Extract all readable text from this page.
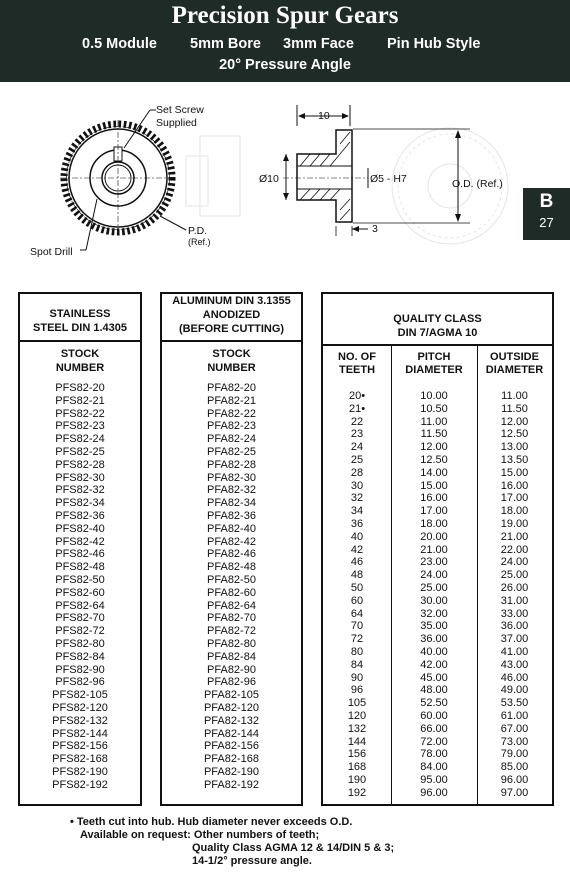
Precision Spur Gears
0.5 Module 5mm Bore 3mm Face Pin Hub Style
20° Pressure Angle
B
27
Set Screw
Supplied
Spot Drill
P.D.
(Ref.)
10
Ø10	Ø5 - H7	O.D. (Ref.)
3
STAINLESS
STEEL DIN 1.4305
STOCK
NUMBER
PFS82-20
PFS82-21
PFS82-22
PFS82-23
PFS82-24
PFS82-25
PFS82-28
PFS82-30
PFS82-32
PFS82-34
PFS82-36
PFS82-40
PFS82-42
PFS82-46
PFS82-48
PFS82-50
PFS82-60
PFS82-64
PFS82-70
PFS82-72
PFS82-80
PFS82-84
PFS82-90
PFS82-96
PFS82-105
PFS82-120
PFS82-132
PFS82-144
PFS82-156
PFS82-168
PFS82-190
PFS82-192
ALUMINUM DIN 3.1355
ANODIZED
(BEFORE CUTTING)
STOCK
NUMBER
PFA82-20
PFA82-21
PFA82-22
PFA82-23
PFA82-24
PFA82-25
PFA82-28
PFA82-30
PFA82-32
PFA82-34
PFA82-36
PFA82-40
PFA82-42
PFA82-46
PFA82-48
PFA82-50
PFA82-60
PFA82-64
PFA82-70
PFA82-72
PFA82-80
PFA82-84
PFA82-90
PFA82-96
PFA82-105
PFA82-120
PFA82-132
PFA82-144
PFA82-156
PFA82-168
PFA82-190
PFA82-192
QUALITY CLASS
DIN 7/AGMA 10
NO. OF
TEETH
PITCH
DIAMETER
OUTSIDE
DIAMETER
20•
21•
22
23
24
25
28
30
32
34
36
40
42
46
48
50
60
64
70
72
80
84
90
96
105
120
132
144
156
168
190
192
10.00
10.50
11.00
11.50
12.00
12.50
14.00
15.00
16.00
17.00
18.00
20.00
21.00
23.00
24.00
25.00
30.00
32.00
35.00
36.00
40.00
42.00
45.00
48.00
52.50
60.00
66.00
72.00
78.00
84.00
95.00
96.00
11.00
11.50
12.00
12.50
13.00
13.50
15.00
16.00
17.00
18.00
19.00
21.00
22.00
24.00
25.00
26.00
31.00
33.00
36.00
37.00
41.00
43.00
46.00
49.00
53.50
61.00
67.00
73.00
79.00
85.00
96.00
97.00
• Teeth cut into hub. Hub diameter never exceeds O.D.
Available on request: Other numbers of teeth;
Quality Class AGMA 12 & 14/DIN 5 & 3;
14-1/2° pressure angle.
